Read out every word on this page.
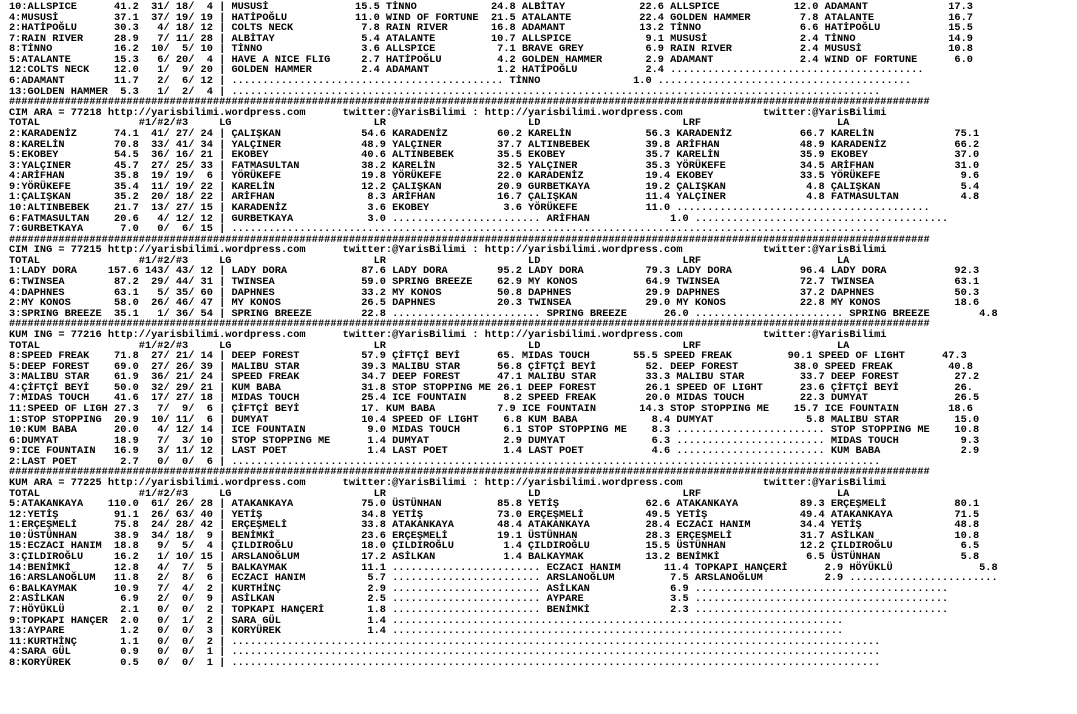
10:ALLSPICE      41.2  31/ 18/  4 | MUSUSİ              15.5 TİNNO            24.8 ALBİTAY            22.6 ALLSPICE            12.0 ADAMANT             17.3
4:MUSUSİ         37.1  37/ 19/ 19 | HATİPOĞLU           11.0 WIND OF FORTUNE  21.5 ATALANTE           22.4 GOLDEN HAMMER        7.8 ATALANTE            16.7
2:HATİPOĞLU      30.3   4/ 18/ 12 | COLTS NECK           7.8 RAIN RIVER       16.8 ADAMANT            13.2 TİNNO                6.6 HATİPOĞLU           15.5
7:RAIN RIVER     28.9   7/ 11/ 28 | ALBİTAY              5.4 ATALANTE         10.7 ALLSPICE            9.1 MUSUSİ               2.4 TİNNO               14.9
8:TİNNO          16.2  10/  5/ 10 | TİNNO                3.6 ALLSPICE          7.1 BRAVE GREY          6.9 RAIN RIVER           2.4 MUSUSİ              10.8
5:ATALANTE       15.3   6/ 20/  4 | HAVE A NICE FLIG     2.7 HATİPOĞLU         4.2 GOLDEN HAMMER       2.9 ADAMANT              2.4 WIND OF FORTUNE      6.0
12:COLTS NECK    12.0   1/  9/ 20 | GOLDEN HAMMER        2.4 ADAMANT           1.2 HATİPOĞLU           2.4 .........................................
6:ADAMANT        11.7   2/  6/ 12 | ............................................ TİNNO               1.0 .........................................
13:GOLDEN HAMMER  5.3   1/  2/  4 | .........................................................................................................
#####################################################################################################################################################
CIM ARA = 77218 http://yarisbilimi.wordpress.com      twitter:@YarisBilimi : http://yarisbilimi.wordpress.com             twitter:@YarisBilimi
TOTAL                #1/#2/#3     LG                       LR                       LD                       LRF                      LA
2:KARADENİZ      74.1  41/ 27/ 24 | ÇALIŞKAN             54.6 KARADENİZ        60.2 KARELİN            56.3 KARADENİZ           66.7 KARELİN             75.1
8:KARELİN        70.8  33/ 41/ 34 | YALÇINER             48.9 YALÇINER         37.7 ALTINBEBEK         39.8 ARİFHAN             48.9 KARADENİZ           66.2
5:EKOBEY         54.5  36/ 16/ 21 | EKOBEY               40.6 ALTINBEBEK       35.5 EKOBEY             35.7 KARELİN             35.9 EKOBEY              37.0
3:YALÇINER       45.7  27/ 25/ 33 | FATMASULTAN          38.2 KARELİN          32.5 YALÇINER           35.3 YÖRÜKEFE            34.5 ARİFHAN             31.0
4:ARİFHAN        35.8  19/ 19/  6 | YÖRÜKEFE             19.8 YÖRÜKEFE         22.0 KARADENİZ          19.4 EKOBEY              33.5 YÖRÜKEFE             9.6
9:YÖRÜKEFE       35.4  11/ 19/ 22 | KARELİN              12.2 ÇALIŞKAN         20.9 GURBETKAYA         19.2 ÇALIŞKAN             4.8 ÇALIŞKAN             5.4
1:ÇALIŞKAN       35.2  20/ 18/ 22 | ARİFHAN               8.3 ARİFHAN          16.7 ÇALIŞKAN           11.4 YALÇINER             4.8 FATMASULTAN          4.8
10:ALTINBEBEK    21.7  13/ 27/ 15 | KARADENİZ             3.6 EKOBEY            3.6 YÖRÜKEFE           11.0 .........................................
6:FATMASULTAN    20.6   4/ 12/ 12 | GURBETKAYA            3.0 ........................ ARİFHAN             1.0 .........................................
7:GURBETKAYA      7.0   0/  6/ 15 | .........................................................................................................
#####################################################################################################################################################
CIM ING = 77215 http://yarisbilimi.wordpress.com      twitter:@YarisBilimi : http://yarisbilimi.wordpress.com             twitter:@YarisBilimi
TOTAL                #1/#2/#3     LG                       LR                       LD                       LRF                      LA
1:LADY DORA     157.6 143/ 43/ 12 | LADY DORA            87.6 LADY DORA        95.2 LADY DORA          79.3 LADY DORA           96.4 LADY DORA           92.3
6:TWINSEA        87.2  29/ 44/ 31 | TWINSEA              59.0 SPRING BREEZE    62.9 MY KONOS           64.9 TWINSEA             72.7 TWINSEA             63.1
4:DAPHNES        63.1   5/ 35/ 60 | DAPHNES              33.2 MY KONOS         50.8 DAPHNES            29.9 DAPHNES             37.2 DAPHNES             50.3
2:MY KONOS       58.0  26/ 46/ 47 | MY KONOS             26.5 DAPHNES          20.3 TWINSEA            29.0 MY KONOS            22.8 MY KONOS            18.6
3:SPRING BREEZE  35.1   1/ 36/ 54 | SPRING BREEZE        22.8 ........................ SPRING BREEZE      26.0 ........................ SPRING BREEZE        4.8
#####################################################################################################################################################
KUM ING = 77216 http://yarisbilimi.wordpress.com      twitter:@YarisBilimi : http://yarisbilimi.wordpress.com             twitter:@YarisBilimi
TOTAL                #1/#2/#3     LG                       LR                       LD                       LRF                      LA
8:SPEED FREAK    71.8  27/ 21/ 14 | DEEP FOREST          57.9 ÇİFTÇİ BEYİ      65. MIDAS TOUCH       55.5 SPEED FREAK         90.1 SPEED OF LIGHT      47.3
5:DEEP FOREST    69.0  27/ 26/ 39 | MALIBU STAR          39.3 MALIBU STAR      56.8 ÇİFTÇİ BEYİ        52. DEEP FOREST         38.0 SPEED FREAK         40.8
3:MALIBU STAR    61.9  36/ 21/ 24 | SPEED FREAK          34.7 DEEP FOREST      47.1 MALIBU STAR        33.3 MALIBU STAR         33.7 DEEP FOREST         27.2
4:ÇİFTÇİ BEYİ    50.0  32/ 29/ 21 | KUM BABA             31.8 STOP STOPPING ME 26.1 DEEP FOREST        26.1 SPEED OF LIGHT      23.6 ÇİFTÇİ BEYİ         26.
7:MIDAS TOUCH    41.6  17/ 27/ 18 | MIDAS TOUCH          25.4 ICE FOUNTAIN      8.2 SPEED FREAK        20.0 MIDAS TOUCH         22.3 DUMYAT              26.5
11:SPEED OF LIGH 27.3   7/  9/  6 | ÇİFTÇİ BEYİ          17. KUM BABA          7.9 ICE FOUNTAIN       14.3 STOP STOPPING ME    15.7 ICE FOUNTAIN        18.6
1:STOP STOPPING  20.9  10/ 11/  6 | DUMYAT               10.4 SPEED OF LIGHT    6.8 KUM BABA            8.4 DUMYAT               5.8 MALIBU STAR         15.0
10:KUM BABA      20.0   4/ 12/ 14 | ICE FOUNTAIN          9.0 MIDAS TOUCH       6.1 STOP STOPPING ME    8.3 ........................ STOP STOPPING ME    10.8
6:DUMYAT         18.9   7/  3/ 10 | STOP STOPPING ME      1.4 DUMYAT            2.9 DUMYAT              6.3 ........................ MIDAS TOUCH          9.3
9:ICE FOUNTAIN   16.9   3/ 11/ 12 | LAST POET             1.4 LAST POET         1.4 LAST POET           4.6 ........................ KUM BABA             2.9
2:LAST POET       2.7   0/  0/  6 | .........................................................................................................
#####################################################################################################################################################
KUM ARA = 77225 http://yarisbilimi.wordpress.com      twitter:@YarisBilimi : http://yarisbilimi.wordpress.com             twitter:@YarisBilimi
TOTAL                #1/#2/#3     LG                       LR                       LD                       LRF                      LA
5:ATAKANKAYA    110.0  61/ 26/ 28 | ATAKANKAYA           75.0 ÜSTÜNHAN         85.8 YETİŞ              62.6 ATAKANKAYA          89.3 ERÇEŞMELİ           80.1
12:YETİŞ         91.1  26/ 63/ 40 | YETİŞ                34.8 YETİŞ            73.0 ERÇEŞMELİ          49.5 YETİŞ               49.4 ATAKANKAYA          71.5
1:ERÇEŞMELİ      75.8  24/ 28/ 42 | ERÇEŞMELİ            33.8 ATAKANKAYA       48.4 ATAKANKAYA         28.4 ECZACI HANIM        34.4 YETİŞ               48.8
10:ÜSTÜNHAN      38.9  34/ 18/  9 | BENİMKİ              23.6 ERÇEŞMELİ        19.1 ÜSTÜNHAN           28.3 ERÇEŞMELİ           31.7 ASİLKAN             10.8
15:ECZACI HANIM  18.8   9/  5/  4 | ÇILDIROĞLU           18.0 ÇILDIROĞLU        1.4 ÇILDIROĞLU         15.5 ÜSTÜNHAN            12.2 ÇILDIROĞLU           6.5
3:ÇILDIROĞLU     16.2   1/ 10/ 15 | ARSLANOĞLUM          17.2 ASİLKAN           1.4 BALKAYMAK          13.2 BENİMKİ              6.5 ÜSTÜNHAN             5.8
14:BENİMKİ       12.8   4/  7/  5 | BALKAYMAK            11.1 ........................ ECZACI HANIM       11.4 TOPKAPI HANÇERİ      2.9 HÖYÜKLÜ              5.8
16:ARSLANOĞLUM   11.8   2/  8/  6 | ECZACI HANIM          5.7 ........................ ARSLANOĞLUM         7.5 ARSLANOĞLUM          2.9 ........................
6:BALKAYMAK      10.9   7/  4/  2 | KURTHİNÇ              2.9 ........................ ASİLKAN             6.9 .........................................
2:ASİLKAN         6.9   2/  0/  9 | ASİLKAN               2.5 ........................ AYPARE              3.5 .........................................
7:HÖYÜKLÜ         2.1   0/  0/  2 | TOPKAPI HANÇERİ       1.8 ........................ BENİMKİ             2.3 .........................................
9:TOPKAPI HANÇER  2.0   0/  1/  2 | SARA GÜL              1.4 .........................................................................
13:AYPARE         1.2   0/  0/  3 | KORYÜREK              1.4 .........................................................................
11:KURTHİNÇ       1.1   0/  0/  2 | .........................................................................................................
4:SARA GÜL        0.9   0/  0/  1 | .........................................................................................................
8:KORYÜREK        0.5   0/  0/  1 | .........................................................................................................
